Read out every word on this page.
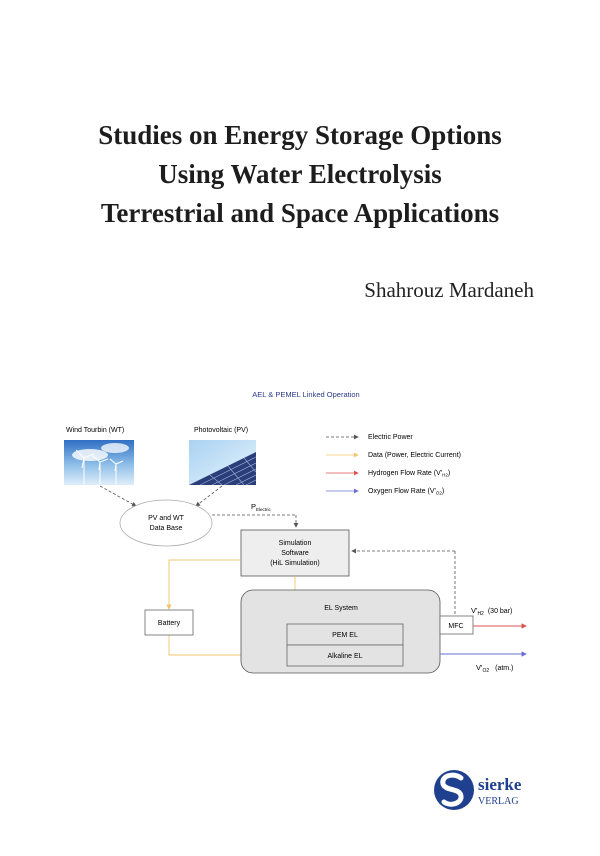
Studies on Energy Storage Options
Using Water Electrolysis
Terrestrial and Space Applications
Shahrouz Mardaneh
AEL & PEMEL Linked Operation
Wind Tourbin (WT)	Photovoltaic (PV)
Electric Power
Data (Power, Electric Current)
Hydrogen Flow Rate $(V'_{H2})$
Oxygen Flow Rate $(V'_{O2})$
PV and WT
Data Base
$P_{Electric}$
Simulation
Software
(HiL Simulation)
Battery
EL System
PEM EL
Alkaline EL
MFC
$V'_{H2}$ (30 bar)
$V'_{O2}$ (atm.)
sierke
VERLAG
